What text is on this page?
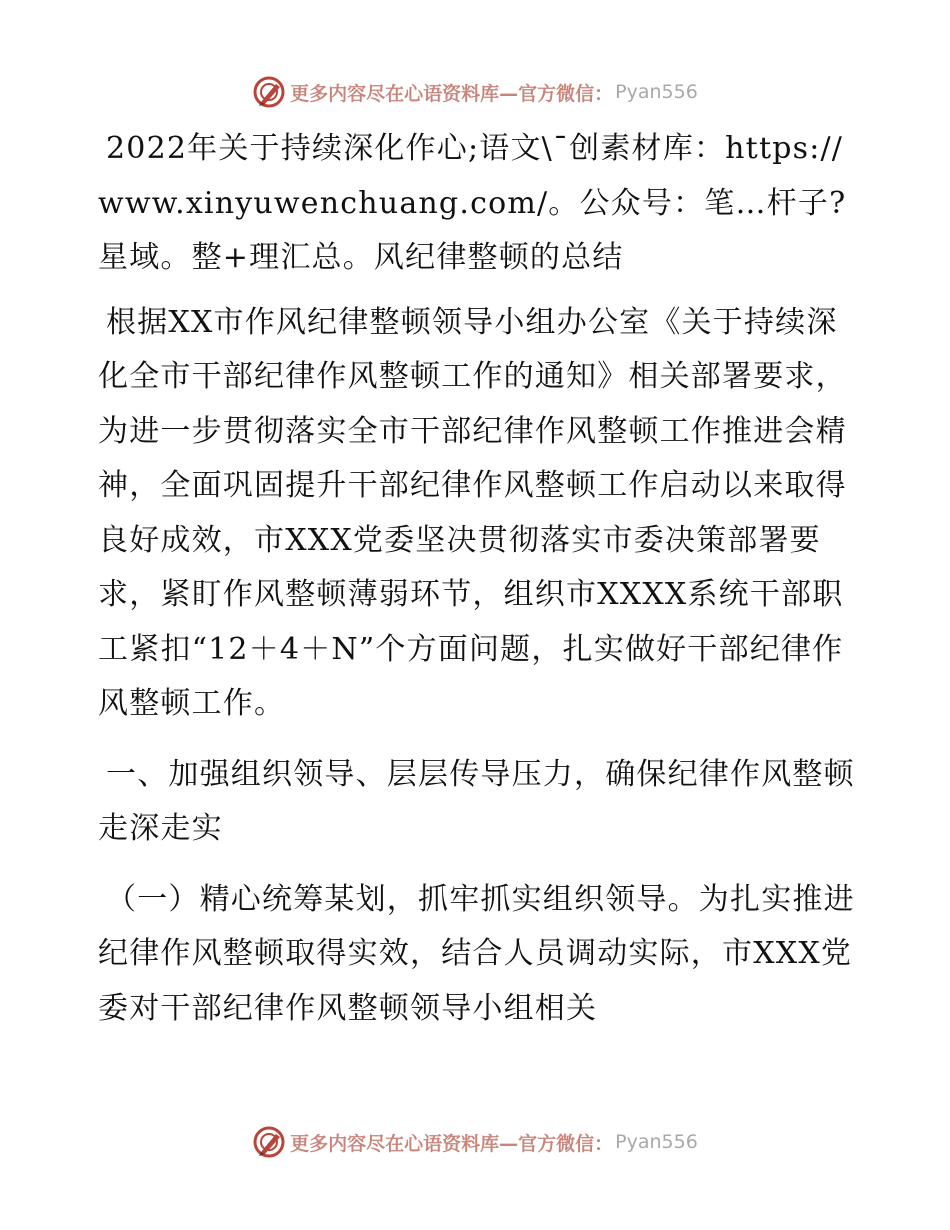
更多内容尽在心语资料库—官方微信： Pyan556

2022年关于持续深化作心;语文\¯创素材库：https://www.xinyuwenchuang.com/。公众号：笔…杆子?星域。整+理汇总。风纪律整顿的总结

根据XX市作风纪律整顿领导小组办公室《关于持续深化全市干部纪律作风整顿工作的通知》相关部署要求，为进一步贯彻落实全市干部纪律作风整顿工作推进会精神，全面巩固提升干部纪律作风整顿工作启动以来取得良好成效，市XXX党委坚决贯彻落实市委决策部署要求，紧盯作风整顿薄弱环节，组织市XXXX系统干部职工紧扣“12＋4＋N”个方面问题，扎实做好干部纪律作风整顿工作。

一、加强组织领导、层层传导压力，确保纪律作风整顿走深走实

（一）精心统筹某划，抓牢抓实组织领导。为扎实推进纪律作风整顿取得实效，结合人员调动实际，市XXX党委对干部纪律作风整顿领导小组相关

更多内容尽在心语资料库—官方微信： Pyan556
